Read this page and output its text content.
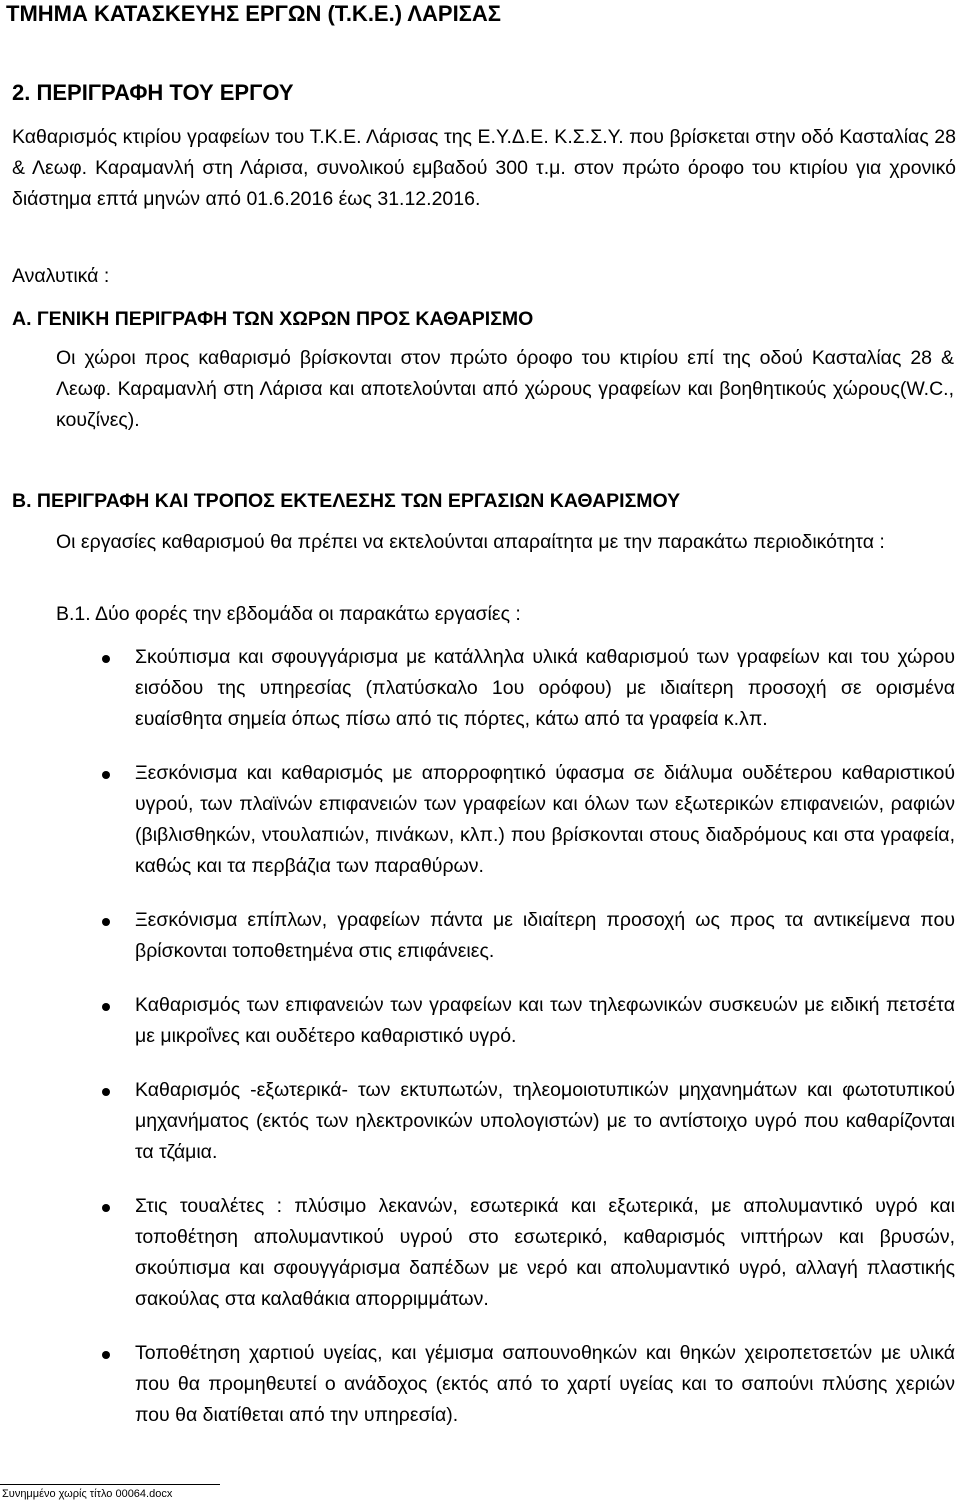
ΤΜΗΜΑ ΚΑΤΑΣΚΕΥΗΣ ΕΡΓΩΝ (Τ.Κ.Ε.) ΛΑΡΙΣΑΣ
2. ΠΕΡΙΓΡΑΦΗ ΤΟΥ ΕΡΓΟΥ

Καθαρισμός κτιρίου γραφείων του Τ.Κ.Ε. Λάρισας της Ε.Υ.Δ.Ε. Κ.Σ.Σ.Υ. που βρίσκεται στην οδό Κασταλίας 28 & Λεωφ. Καραμανλή στη Λάρισα, συνολικού εμβαδού 300 τ.μ. στον πρώτο όροφο του κτιρίου για χρονικό διάστημα επτά μηνών από 01.6.2016 έως 31.12.2016.

Αναλυτικά :
Α. ΓΕΝΙΚΗ ΠΕΡΙΓΡΑΦΗ ΤΩΝ ΧΩΡΩΝ ΠΡΟΣ ΚΑΘΑΡΙΣΜΟ

Οι χώροι προς καθαρισμό βρίσκονται στον πρώτο όροφο του κτιρίου επί της οδού Κασταλίας 28 & Λεωφ. Καραμανλή στη Λάρισα και αποτελούνται από χώρους γραφείων και βοηθητικούς χώρους(W.C., κουζίνες).

Β. ΠΕΡΙΓΡΑΦΗ ΚΑΙ ΤΡΟΠΟΣ ΕΚΤΕΛΕΣΗΣ ΤΩΝ ΕΡΓΑΣΙΩΝ ΚΑΘΑΡΙΣΜΟΥ

Οι εργασίες καθαρισμού θα πρέπει να εκτελούνται απαραίτητα με την παρακάτω περιοδικότητα :

Β.1. Δύο φορές την εβδομάδα οι παρακάτω εργασίες :
Σκούπισμα και σφουγγάρισμα με κατάλληλα υλικά καθαρισμού των γραφείων και του χώρου εισόδου της υπηρεσίας (πλατύσκαλο 1ου ορόφου) με ιδιαίτερη προσοχή σε ορισμένα ευαίσθητα σημεία όπως πίσω από τις πόρτες, κάτω από τα γραφεία κ.λπ.
Ξεσκόνισμα και καθαρισμός με απορροφητικό ύφασμα σε διάλυμα ουδέτερου καθαριστικού υγρού, των πλαϊνών επιφανειών των γραφείων και όλων των εξωτερικών επιφανειών, ραφιών (βιβλισθηκών, ντουλαπιών, πινάκων, κλπ.) που βρίσκονται στους διαδρόμους και στα γραφεία, καθώς και τα περβάζια των παραθύρων.
Ξεσκόνισμα επίπλων, γραφείων πάντα με ιδιαίτερη προσοχή ως προς τα αντικείμενα που βρίσκονται τοποθετημένα στις επιφάνειες.
Καθαρισμός των επιφανειών των γραφείων και των τηλεφωνικών συσκευών με ειδική πετσέτα με μικροΐνες και ουδέτερο καθαριστικό υγρό.
Καθαρισμός -εξωτερικά- των εκτυπωτών, τηλεομοιοτυπικών μηχανημάτων και φωτοτυπικού μηχανήματος (εκτός των ηλεκτρονικών υπολογιστών) με το αντίστοιχο υγρό που καθαρίζονται τα τζάμια.
Στις τουαλέτες : πλύσιμο λεκανών, εσωτερικά και εξωτερικά, με απολυμαντικό υγρό και τοποθέτηση απολυμαντικού υγρού στο εσωτερικό, καθαρισμός νιπτήρων και βρυσών, σκούπισμα και σφουγγάρισμα δαπέδων με νερό και απολυμαντικό υγρό, αλλαγή πλαστικής σακούλας στα καλαθάκια απορριμμάτων.
Τοποθέτηση χαρτιού υγείας, και γέμισμα σαπουνοθηκών και θηκών χειροπετσετών με υλικά που θα προμηθευτεί ο ανάδοχος (εκτός από το χαρτί υγείας και το σαπούνι πλύσης χεριών που θα διατίθεται από την υπηρεσία).
Συνημμένο χωρίς τίτλο 00064.docx
